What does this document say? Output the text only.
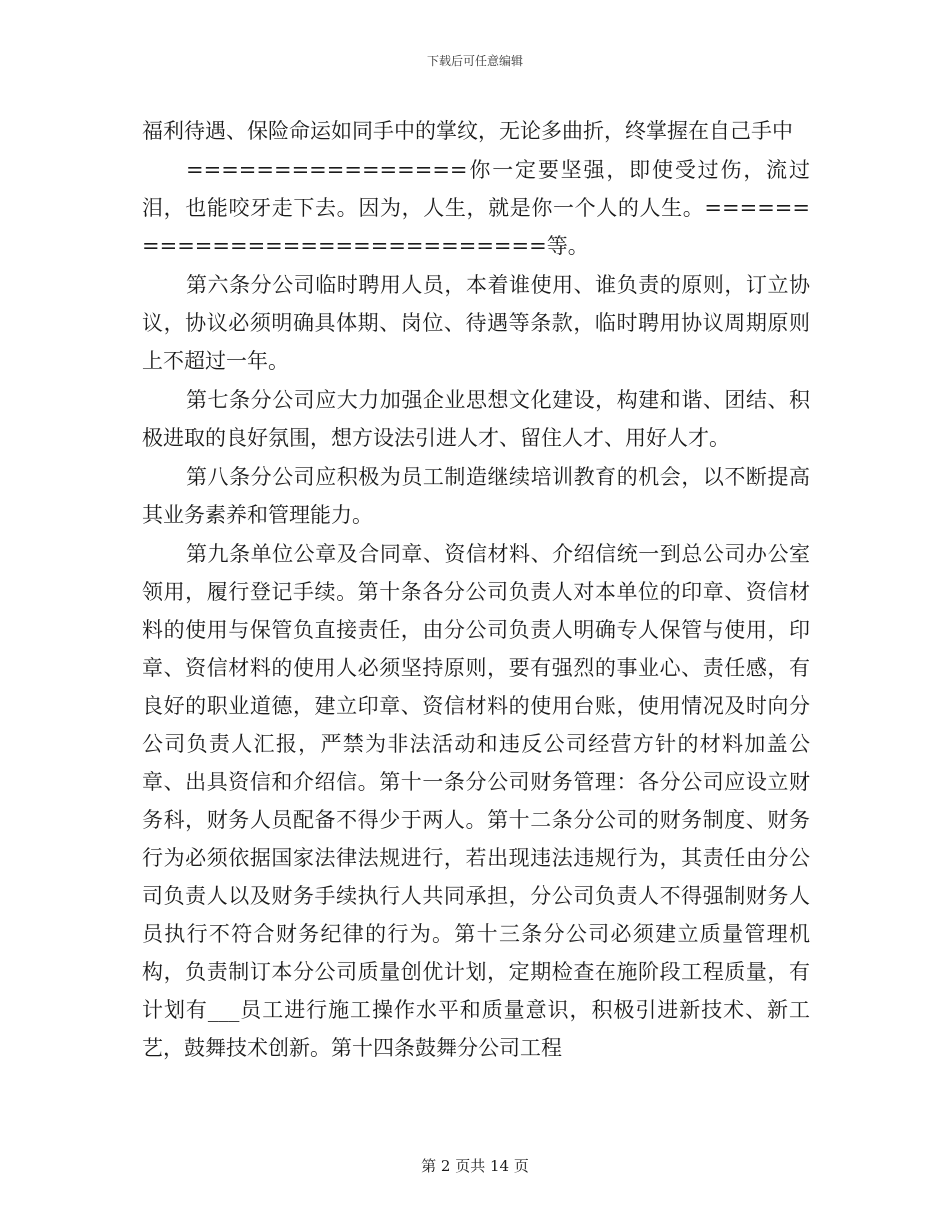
下载后可任意编辑

福利待遇、保险命运如同手中的掌纹，无论多曲折，终掌握在自己手中

================你一定要坚强，即使受过伤，流过泪，也能咬牙走下去。因为，人生，就是你一个人的人生。=============================等。

第六条分公司临时聘用人员，本着谁使用、谁负责的原则，订立协议，协议必须明确具体期、岗位、待遇等条款，临时聘用协议周期原则上不超过一年。

第七条分公司应大力加强企业思想文化建设，构建和谐、团结、积极进取的良好氛围，想方设法引进人才、留住人才、用好人才。

第八条分公司应积极为员工制造继续培训教育的机会，以不断提高其业务素养和管理能力。

第九条单位公章及合同章、资信材料、介绍信统一到总公司办公室领用，履行登记手续。第十条各分公司负责人对本单位的印章、资信材料的使用与保管负直接责任，由分公司负责人明确专人保管与使用，印章、资信材料的使用人必须坚持原则，要有强烈的事业心、责任感，有良好的职业道德，建立印章、资信材料的使用台账，使用情况及时向分公司负责人汇报，严禁为非法活动和违反公司经营方针的材料加盖公章、出具资信和介绍信。第十一条分公司财务管理：各分公司应设立财务科，财务人员配备不得少于两人。第十二条分公司的财务制度、财务行为必须依据国家法律法规进行，若出现违法违规行为，其责任由分公司负责人以及财务手续执行人共同承担，分公司负责人不得强制财务人员执行不符合财务纪律的行为。第十三条分公司必须建立质量管理机构，负责制订本分公司质量创优计划，定期检查在施阶段工程质量，有计划有___员工进行施工操作水平和质量意识，积极引进新技术、新工艺，鼓舞技术创新。第十四条鼓舞分公司工程

第 2 页共 14 页
